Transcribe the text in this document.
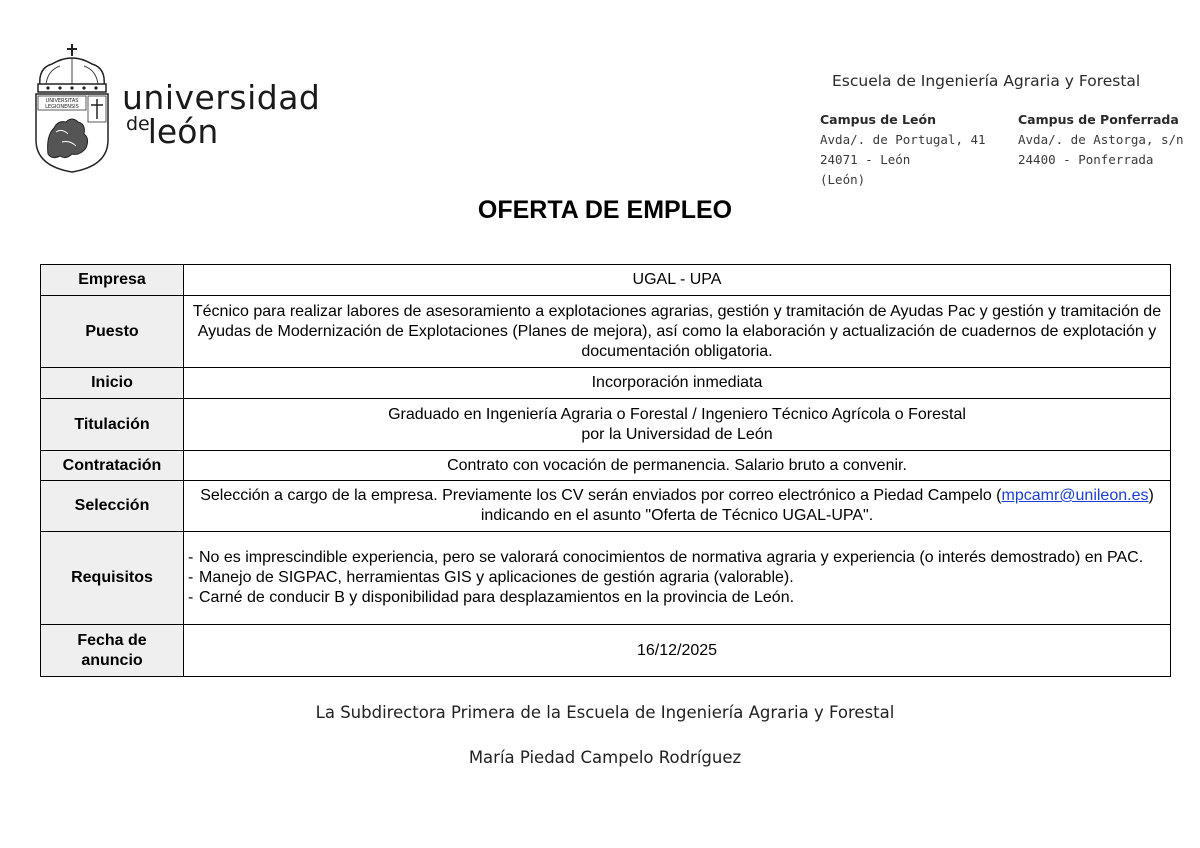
UNIVERSITAS
LEGIONENSIS universidad
deleón
Escuela de Ingeniería Agraria y Forestal
Campus de León
Avda/. de Portugal, 41
24071 - León
(León)
Campus de Ponferrada
Avda/. de Astorga, s/n
24400 - Ponferrada
OFERTA DE EMPLEO
Empresa	UGAL - UPA
Puesto	Técnico para realizar labores de asesoramiento a explotaciones agrarias, gestión y tramitación de Ayudas Pac y gestión y tramitación de Ayudas de Modernización de Explotaciones (Planes de mejora), así como la elaboración y actualización de cuadernos de explotación y documentación obligatoria.
Inicio	Incorporación inmediata
Titulación	Graduado en Ingeniería Agraria o Forestal / Ingeniero Técnico Agrícola o Forestal
por la Universidad de León

Contratación	Contrato con vocación de permanencia. Salario bruto a convenir.
Selección	Selección a cargo de la empresa. Previamente los CV serán enviados por correo electrónico a Piedad Campelo (mpcamr@unileon.es) indicando en el asunto "Oferta de Técnico UGAL-UPA".
Requisitos	- No es imprescindible experiencia, pero se valorará conocimientos de normativa agraria y experiencia (o interés demostrado) en PAC.
- Manejo de SIGPAC, herramientas GIS y aplicaciones de gestión agraria (valorable).
- Carné de conducir B y disponibilidad para desplazamientos en la provincia de León.

Fecha de
anuncio	16/12/2025
La Subdirectora Primera de la Escuela de Ingeniería Agraria y Forestal
María Piedad Campelo Rodríguez
